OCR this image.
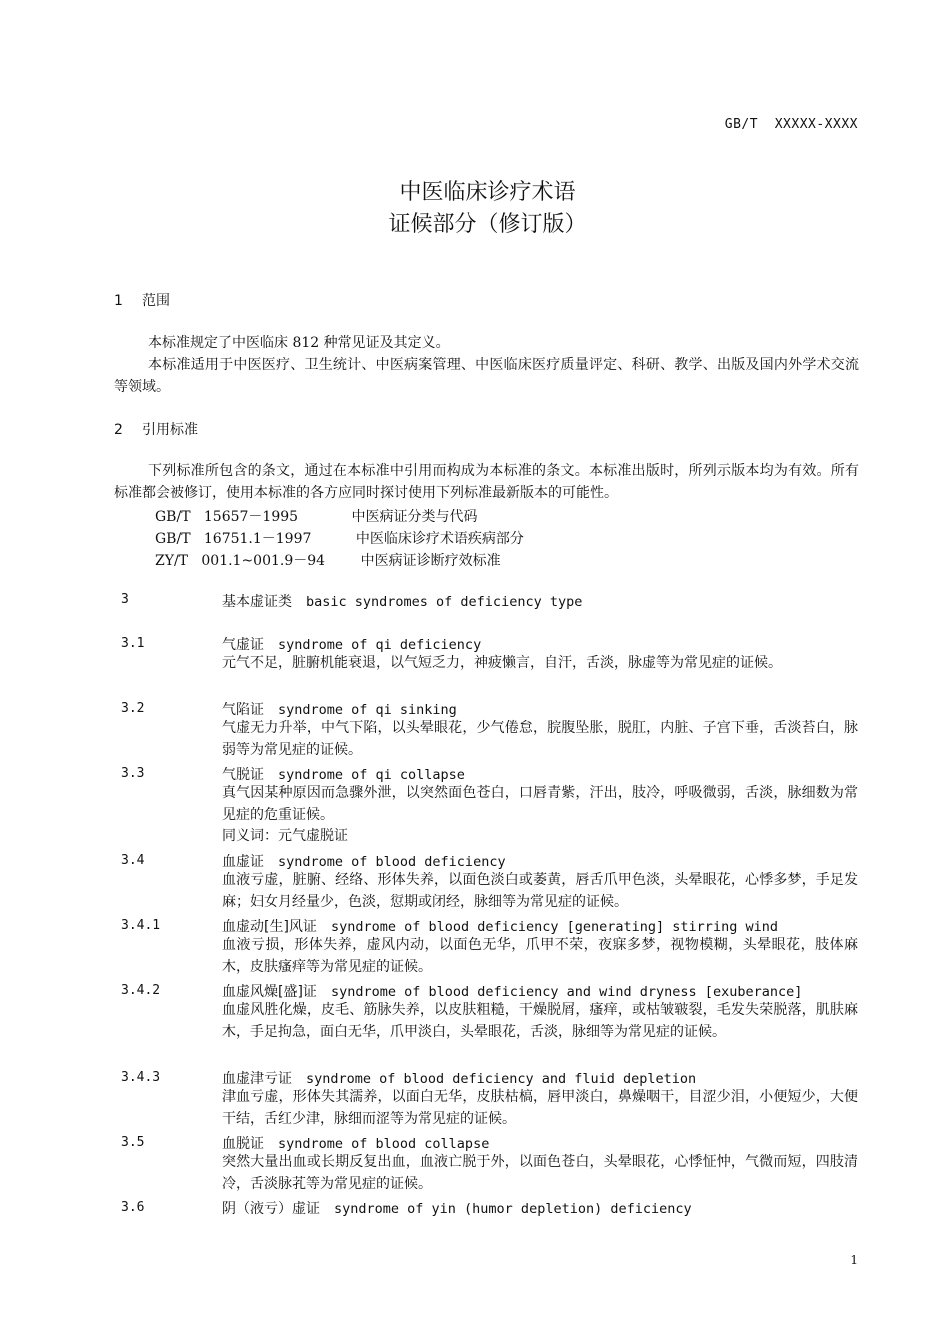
GB/T  XXXXX-XXXX
中医临床诊疗术语
证候部分（修订版）
1 范围
本标准规定了中医临床 812 种常见证及其定义。
本标准适用于中医医疗、卫生统计、中医病案管理、中医临床医疗质量评定、科研、教学、出版及国内外学术交流等领域。
2 引用标准
下列标准所包含的条文，通过在本标准中引用而构成为本标准的条文。本标准出版时，所列示版本均为有效。所有标准都会被修订，使用本标准的各方应同时探讨使用下列标准最新版本的可能性。
GB/T   15657－1995            中医病证分类与代码
GB/T   16751.1－1997          中医临床诊疗术语疾病部分
ZY/T   001.1~001.9－94        中医病证诊断疗效标准
3	基本虚证类 basic syndromes of deficiency type
3.1	气虚证 syndrome of qi deficiency
元气不足，脏腑机能衰退，以气短乏力，神疲懒言，自汗，舌淡，脉虚等为常见症的证候。
3.2	气陷证 syndrome of qi sinking
气虚无力升举，中气下陷，以头晕眼花，少气倦怠，脘腹坠胀，脱肛，内脏、子宫下垂，舌淡苔白，脉弱等为常见症的证候。
3.3	气脱证 syndrome of qi collapse
真气因某种原因而急骤外泄，以突然面色苍白，口唇青紫，汗出，肢冷，呼吸微弱，舌淡，脉细数为常见症的危重证候。
同义词：元气虚脱证
3.4	血虚证 syndrome of blood deficiency
血液亏虚，脏腑、经络、形体失养，以面色淡白或萎黄，唇舌爪甲色淡，头晕眼花，心悸多梦，手足发麻；妇女月经量少，色淡，愆期或闭经，脉细等为常见症的证候。
3.4.1	血虚动[生]风证 syndrome of blood deficiency [generating] stirring wind
血液亏损，形体失养，虚风内动，以面色无华，爪甲不荣，夜寐多梦，视物模糊，头晕眼花，肢体麻木，皮肤瘙痒等为常见症的证候。
3.4.2	血虚风燥[盛]证 syndrome of blood deficiency and wind dryness [exuberance]
血虚风胜化燥，皮毛、筋脉失养，以皮肤粗糙，干燥脱屑，瘙痒，或枯皱皲裂，毛发失荣脱落，肌肤麻木，手足拘急，面白无华，爪甲淡白，头晕眼花，舌淡，脉细等为常见症的证候。
3.4.3	血虚津亏证 syndrome of blood deficiency and fluid depletion
津血亏虚，形体失其濡养，以面白无华，皮肤枯槁，唇甲淡白，鼻燥咽干，目涩少泪，小便短少，大便干结，舌红少津，脉细而涩等为常见症的证候。
3.5	血脱证 syndrome of blood collapse
突然大量出血或长期反复出血，血液亡脱于外，以面色苍白，头晕眼花，心悸怔忡，气微而短，四肢清冷，舌淡脉芤等为常见症的证候。
3.6	阴（液亏）虚证 syndrome of yin (humor depletion) deficiency
1
